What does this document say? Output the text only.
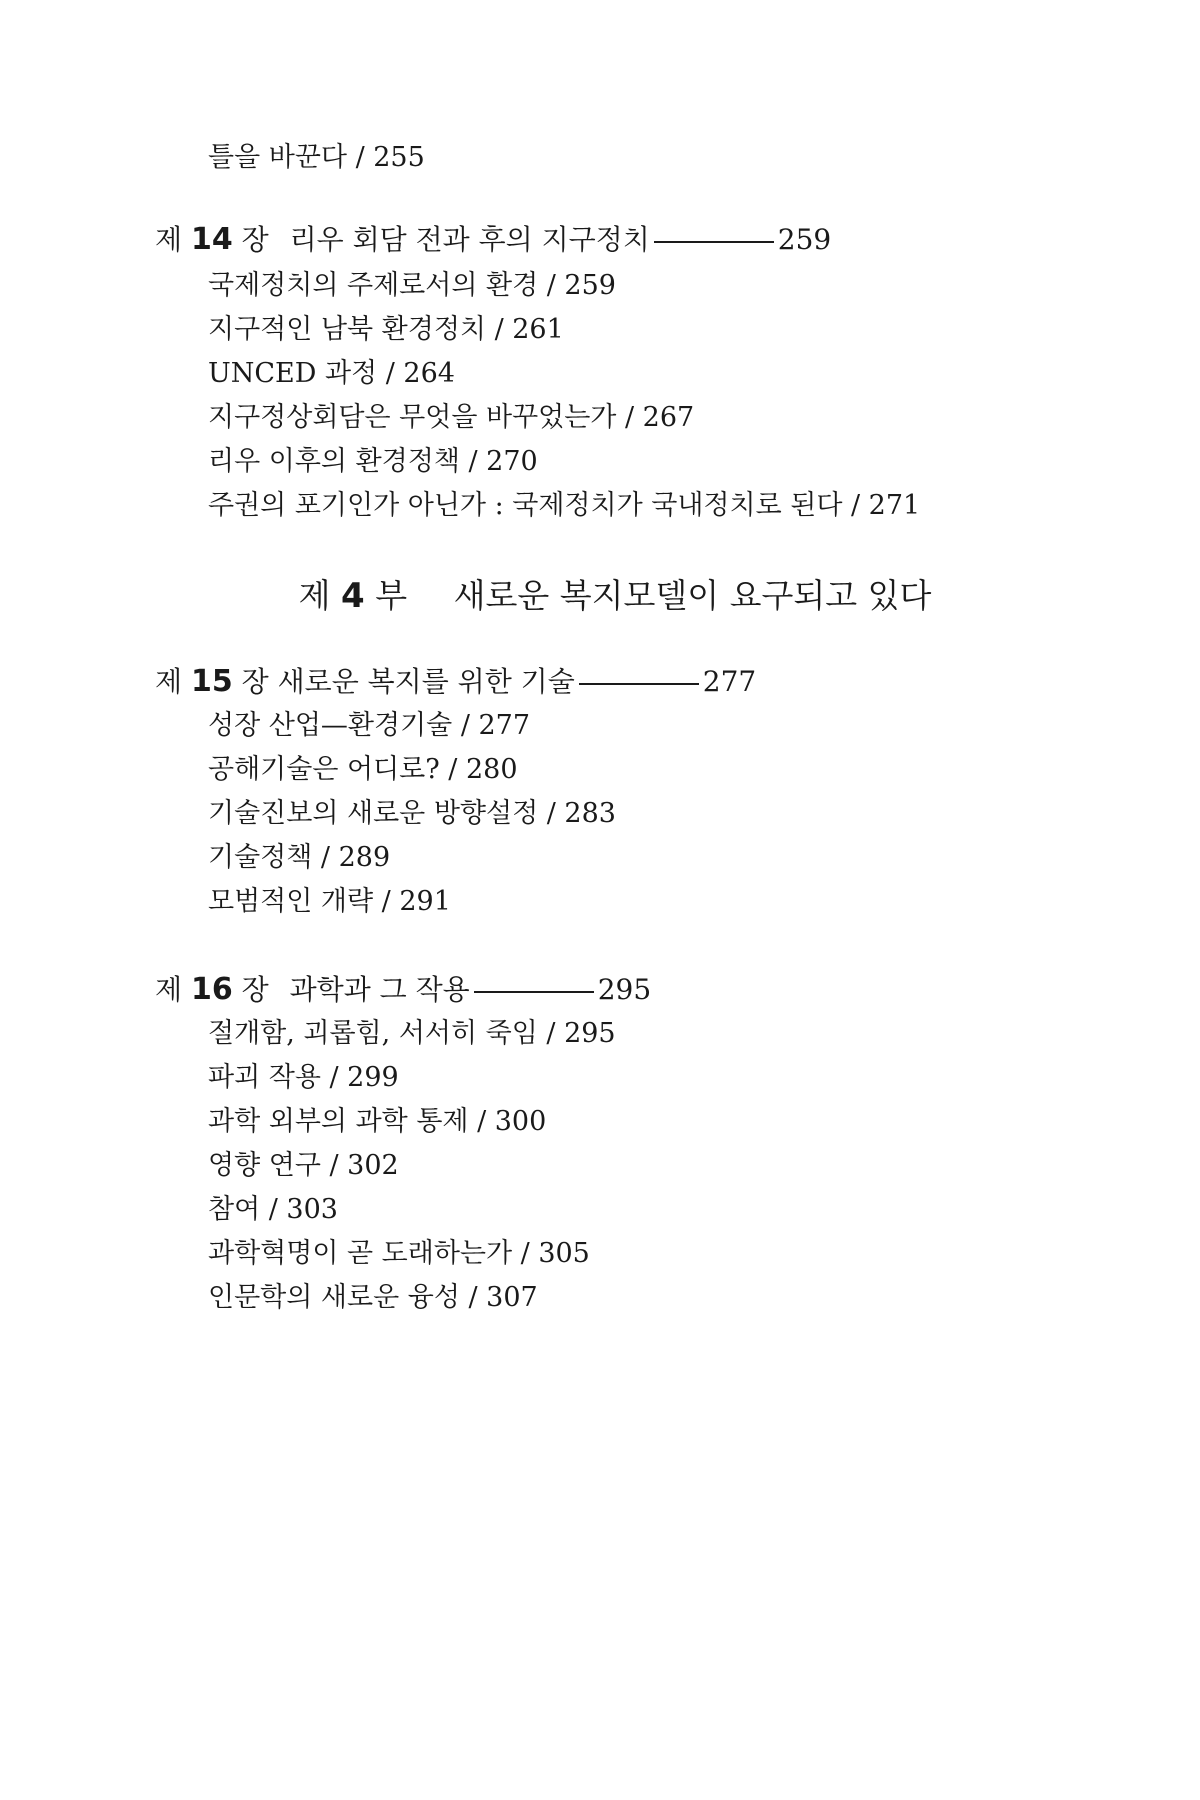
틀을 바꾼다 / 255
제 14 장 리우 회담 전과 후의 지구정치	259
국제정치의 주제로서의 환경 / 259
지구적인 남북 환경정치 / 261
UNCED 과정 / 264
지구정상회담은 무엇을 바꾸었는가 / 267
리우 이후의 환경정책 / 270
주권의 포기인가 아닌가 : 국제정치가 국내정치로 된다 / 271
제 4 부 새로운 복지모델이 요구되고 있다
제 15 장 새로운 복지를 위한 기술	277
성장 산업—환경기술 / 277
공해기술은 어디로? / 280
기술진보의 새로운 방향설정 / 283
기술정책 / 289
모범적인 개략 / 291
제 16 장 과학과 그 작용	295
절개함, 괴롭힘, 서서히 죽임 / 295
파괴 작용 / 299
과학 외부의 과학 통제 / 300
영향 연구 / 302
참여 / 303
과학혁명이 곧 도래하는가 / 305
인문학의 새로운 융성 / 307
